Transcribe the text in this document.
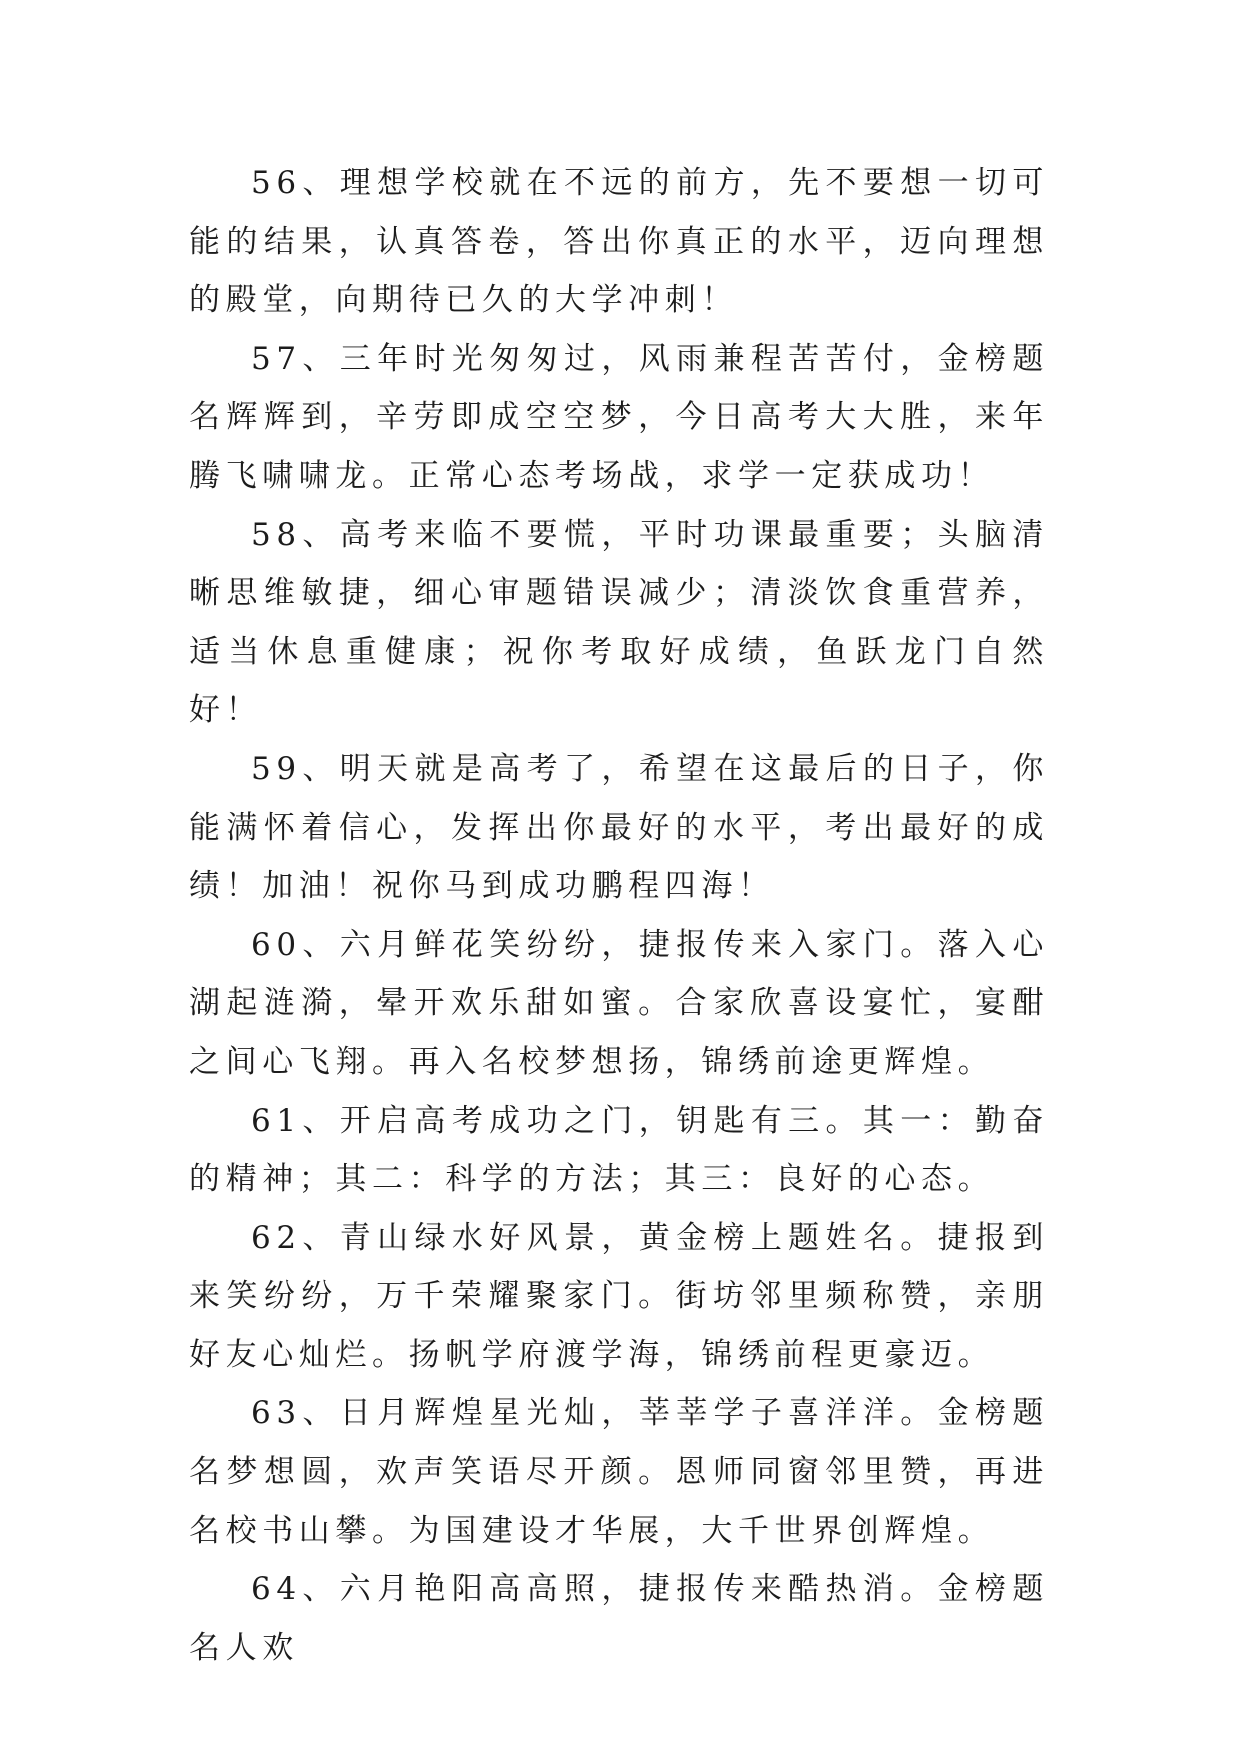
56、理想学校就在不远的前方，先不要想一切可能的结果，认真答卷，答出你真正的水平，迈向理想的殿堂，向期待已久的大学冲刺！

57、三年时光匆匆过，风雨兼程苦苦付，金榜题名辉辉到，辛劳即成空空梦，今日高考大大胜，来年腾飞啸啸龙。正常心态考场战，求学一定获成功！

58、高考来临不要慌，平时功课最重要；头脑清晰思维敏捷，细心审题错误减少；清淡饮食重营养，适当休息重健康；祝你考取好成绩，鱼跃龙门自然好！

59、明天就是高考了，希望在这最后的日子，你能满怀着信心，发挥出你最好的水平，考出最好的成绩！加油！祝你马到成功鹏程四海！

60、六月鲜花笑纷纷，捷报传来入家门。落入心湖起涟漪，晕开欢乐甜如蜜。合家欣喜设宴忙，宴酣之间心飞翔。再入名校梦想扬，锦绣前途更辉煌。

61、开启高考成功之门，钥匙有三。其一：勤奋的精神；其二：科学的方法；其三：良好的心态。

62、青山绿水好风景，黄金榜上题姓名。捷报到来笑纷纷，万千荣耀聚家门。街坊邻里频称赞，亲朋好友心灿烂。扬帆学府渡学海，锦绣前程更豪迈。

63、日月辉煌星光灿，莘莘学子喜洋洋。金榜题名梦想圆，欢声笑语尽开颜。恩师同窗邻里赞，再进名校书山攀。为国建设才华展，大千世界创辉煌。

64、六月艳阳高高照，捷报传来酷热消。金榜题名人欢
